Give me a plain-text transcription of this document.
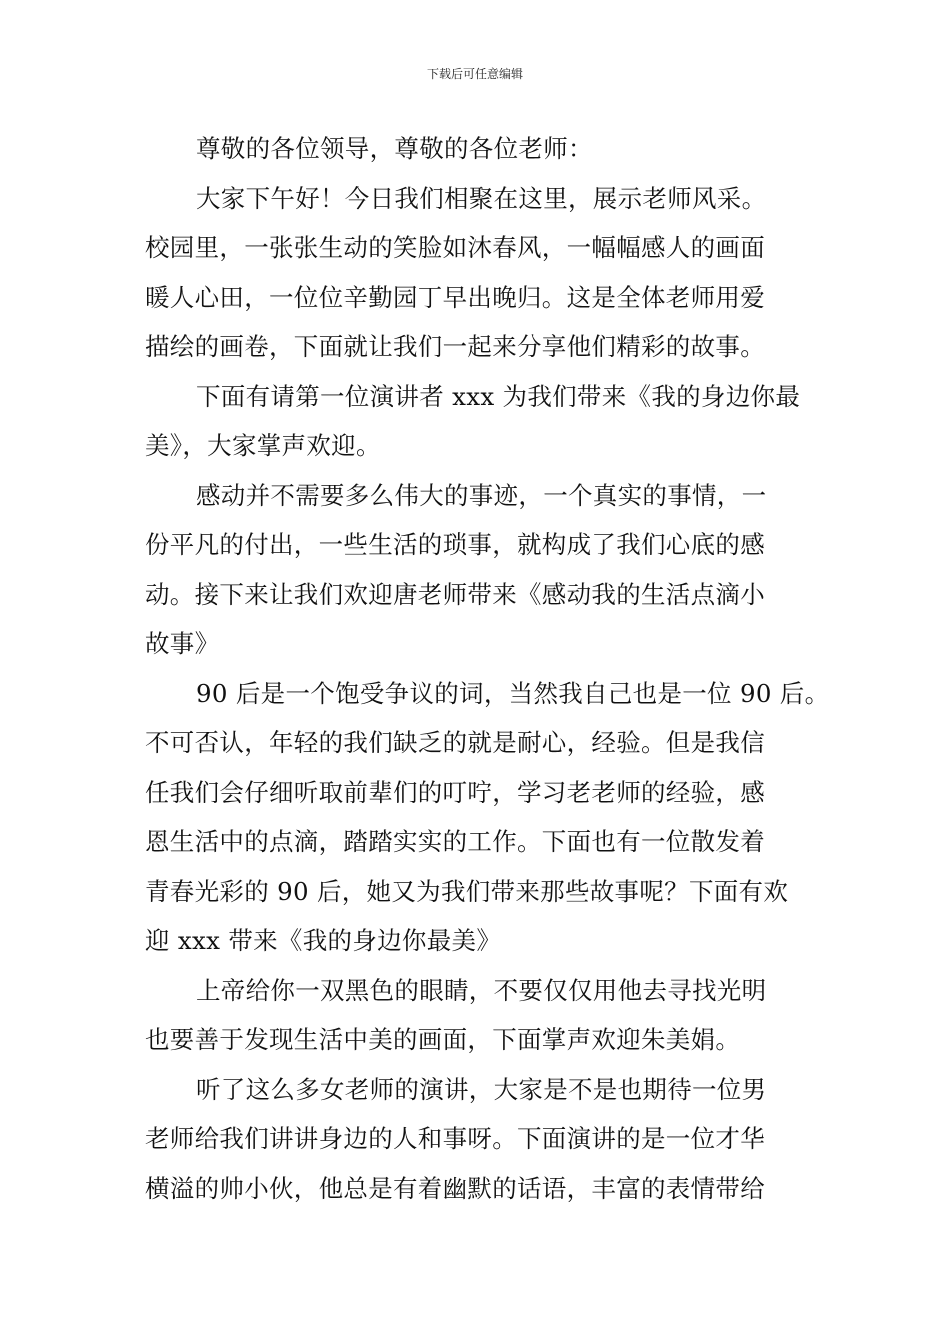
下载后可任意编辑
尊敬的各位领导，尊敬的各位老师：
大家下午好！今日我们相聚在这里，展示老师风采。
校园里，一张张生动的笑脸如沐春风，一幅幅感人的画面
暖人心田，一位位辛勤园丁早出晚归。这是全体老师用爱
描绘的画卷，下面就让我们一起来分享他们精彩的故事。
下面有请第一位演讲者 xxx 为我们带来《我的身边你最
美》，大家掌声欢迎。
感动并不需要多么伟大的事迹，一个真实的事情，一
份平凡的付出，一些生活的琐事，就构成了我们心底的感
动。接下来让我们欢迎唐老师带来《感动我的生活点滴小
故事》
90 后是一个饱受争议的词，当然我自己也是一位 90 后。
不可否认，年轻的我们缺乏的就是耐心，经验。但是我信
任我们会仔细听取前辈们的叮咛，学习老老师的经验，感
恩生活中的点滴，踏踏实实的工作。下面也有一位散发着
青春光彩的 90 后，她又为我们带来那些故事呢？下面有欢
迎 xxx 带来《我的身边你最美》
上帝给你一双黑色的眼睛，不要仅仅用他去寻找光明
也要善于发现生活中美的画面，下面掌声欢迎朱美娟。
听了这么多女老师的演讲，大家是不是也期待一位男
老师给我们讲讲身边的人和事呀。下面演讲的是一位才华
横溢的帅小伙，他总是有着幽默的话语，丰富的表情带给
